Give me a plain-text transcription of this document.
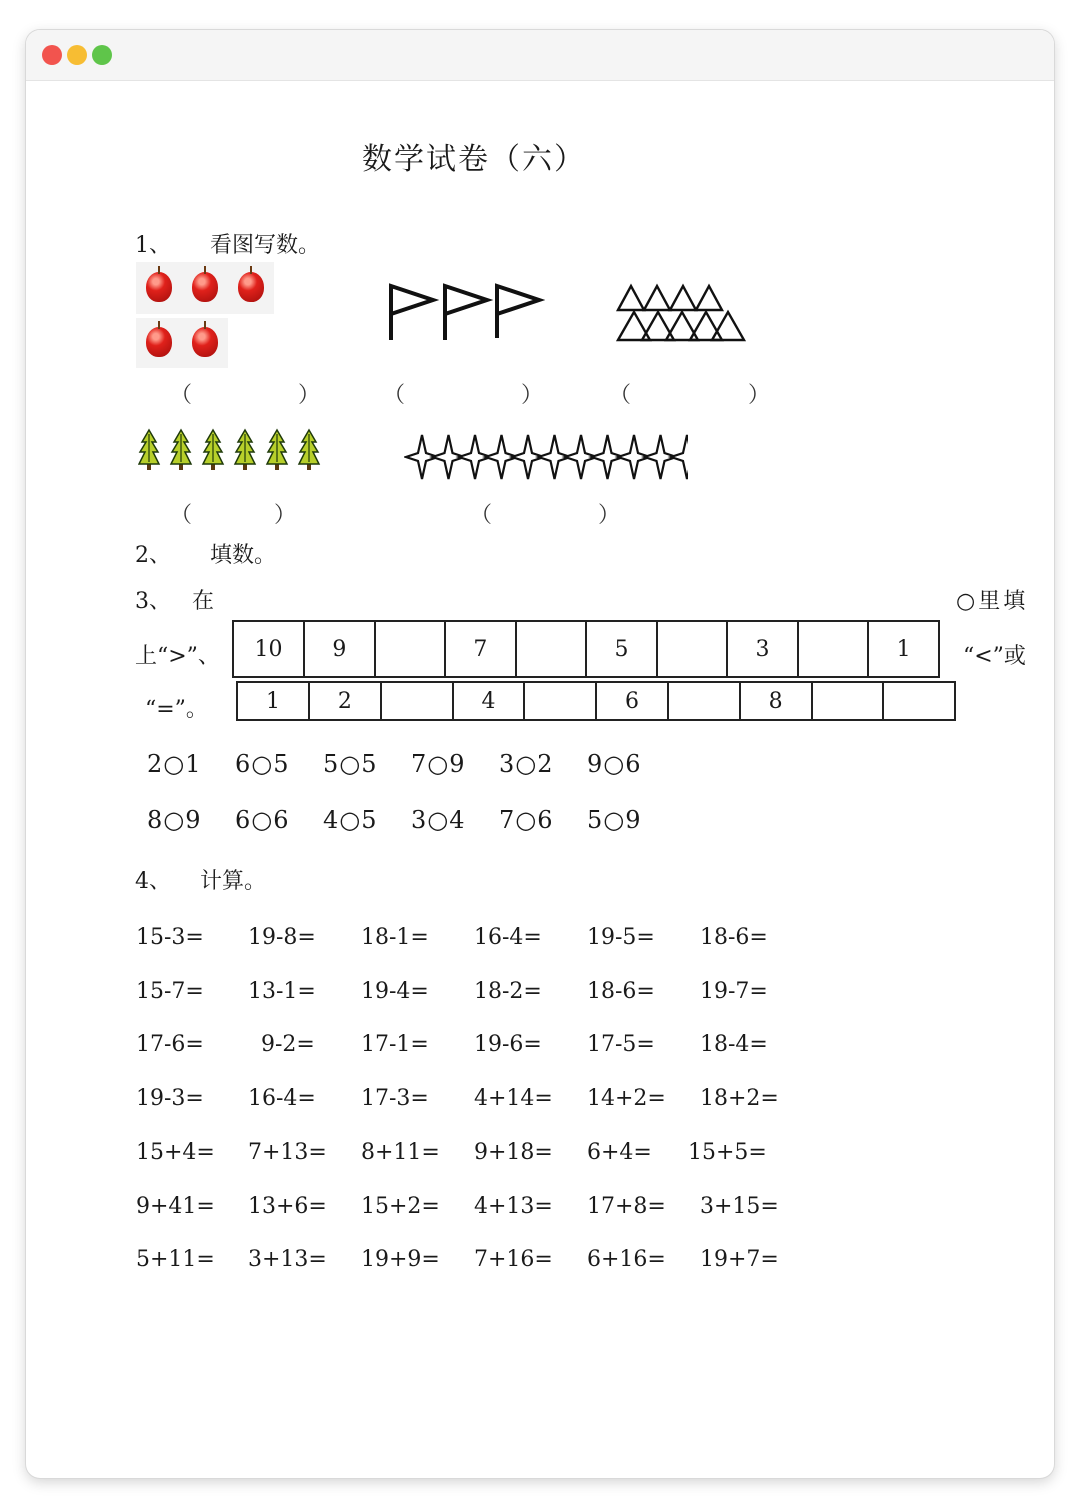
数学试卷（六）
1、 看图写数。
（	）	（	）	（	）
（	）	（	）
2、 填数。
3、 在	○里填
上“>”、	“<”或
“=”。
10	9		7		5		3		1
1	2		4		6		8		
2○1 6○5 5○5 7○9 3○2 9○6
8○9 6○6 4○5 3○4 7○6 5○9
4、 计算。
15-3= 19-8= 18-1= 16-4= 19-5= 18-6=
15-7= 13-1= 19-4= 18-2= 18-6= 19-7=
17-6=	9-2= 17-1= 19-6= 17-5= 18-4=
19-3= 16-4= 17-3= 4+14= 14+2= 18+2=
15+4= 7+13= 8+11= 9+18= 6+4= 15+5=
9+41= 13+6= 15+2= 4+13= 17+8= 3+15=
5+11= 3+13= 19+9= 7+16= 6+16= 19+7=
